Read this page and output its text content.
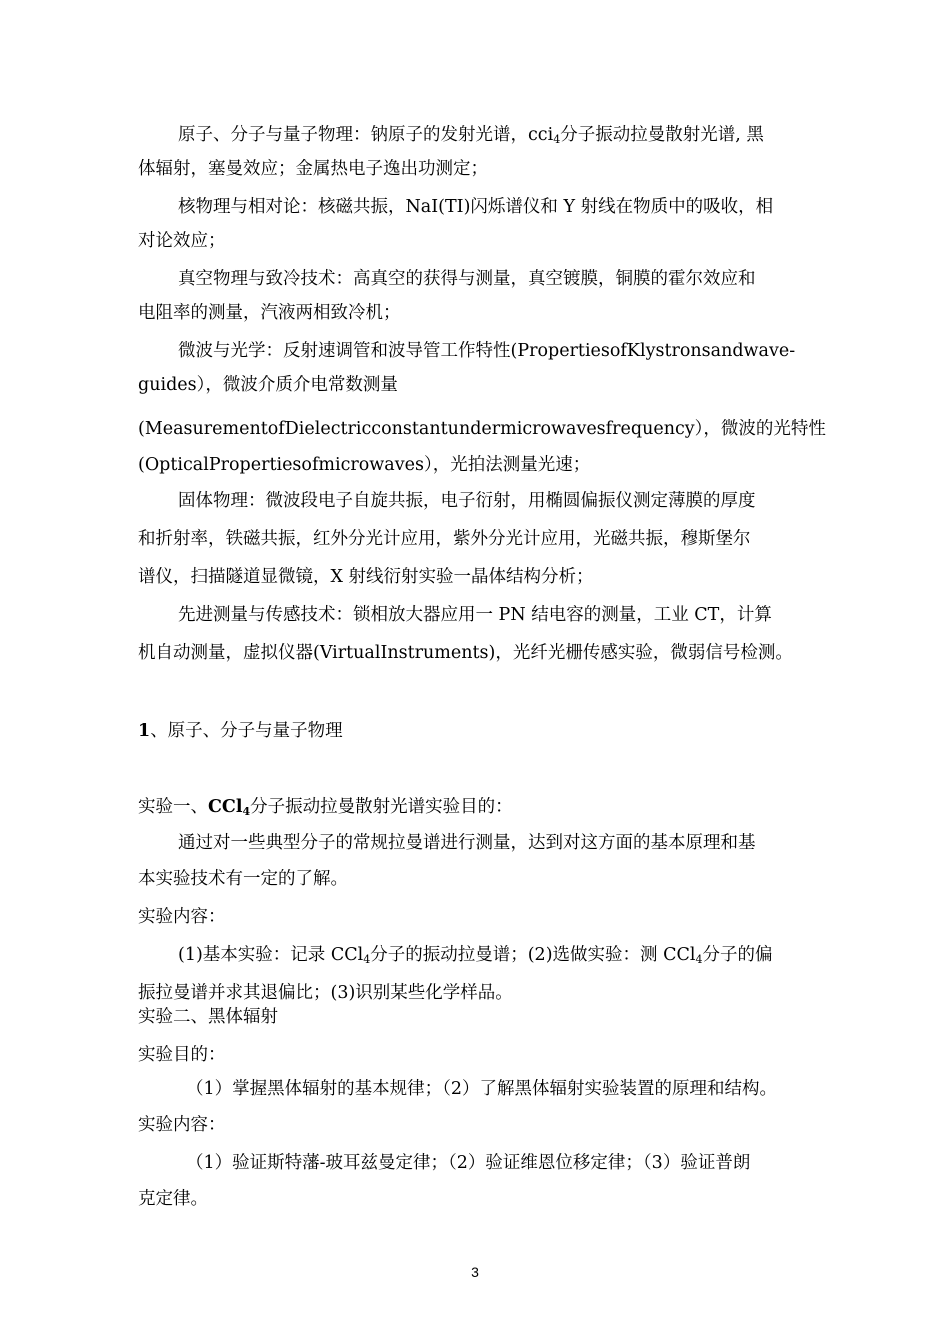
原子、分子与量子物理：钠原子的发射光谱，cci$_4$分子振动拉曼散射光谱, 黑
体辐射，塞曼效应；金属热电子逸出功测定；
核物理与相对论：核磁共振，NaI(TI)闪烁谱仪和 Y 射线在物质中的吸收，相
对论效应；
真空物理与致冷技术：高真空的获得与测量，真空镀膜，铜膜的霍尔效应和
电阻率的测量，汽液两相致冷机；
微波与光学：反射速调管和波导管工作特性(PropertiesofKlystronsandwave-
guides），微波介质介电常数测量
(MeasurementofDielectricconstantundermicrowavesfrequency），微波的光特性
(OpticalPropertiesofmicrowaves），光拍法测量光速；
固体物理：微波段电子自旋共振，电子衍射，用椭圆偏振仪测定薄膜的厚度
和折射率，铁磁共振，红外分光计应用，紫外分光计应用，光磁共振，穆斯堡尔
谱仪，扫描隧道显微镜，X 射线衍射实验一晶体结构分析；
先进测量与传感技术：锁相放大器应用一 PN 结电容的测量，工业 CT，计算
机自动测量，虚拟仪器(VirtualInstruments)，光纤光栅传感实验，微弱信号检测。
1、原子、分子与量子物理
实验一、CCl$_4$分子振动拉曼散射光谱实验目的：
通过对一些典型分子的常规拉曼谱进行测量，达到对这方面的基本原理和基
本实验技术有一定的了解。
实验内容：
(1)基本实验：记录 CCl$_4$分子的振动拉曼谱；(2)选做实验：测 CCl$_4$分子的偏
振拉曼谱并求其退偏比；(3)识别某些化学样品。
实验二、黑体辐射
实验目的：
（1）掌握黑体辐射的基本规律；（2）了解黑体辐射实验装置的原理和结构。
实验内容：
（1）验证斯特藩-玻耳兹曼定律；（2）验证维恩位移定律；（3）验证普朗
克定律。
3
